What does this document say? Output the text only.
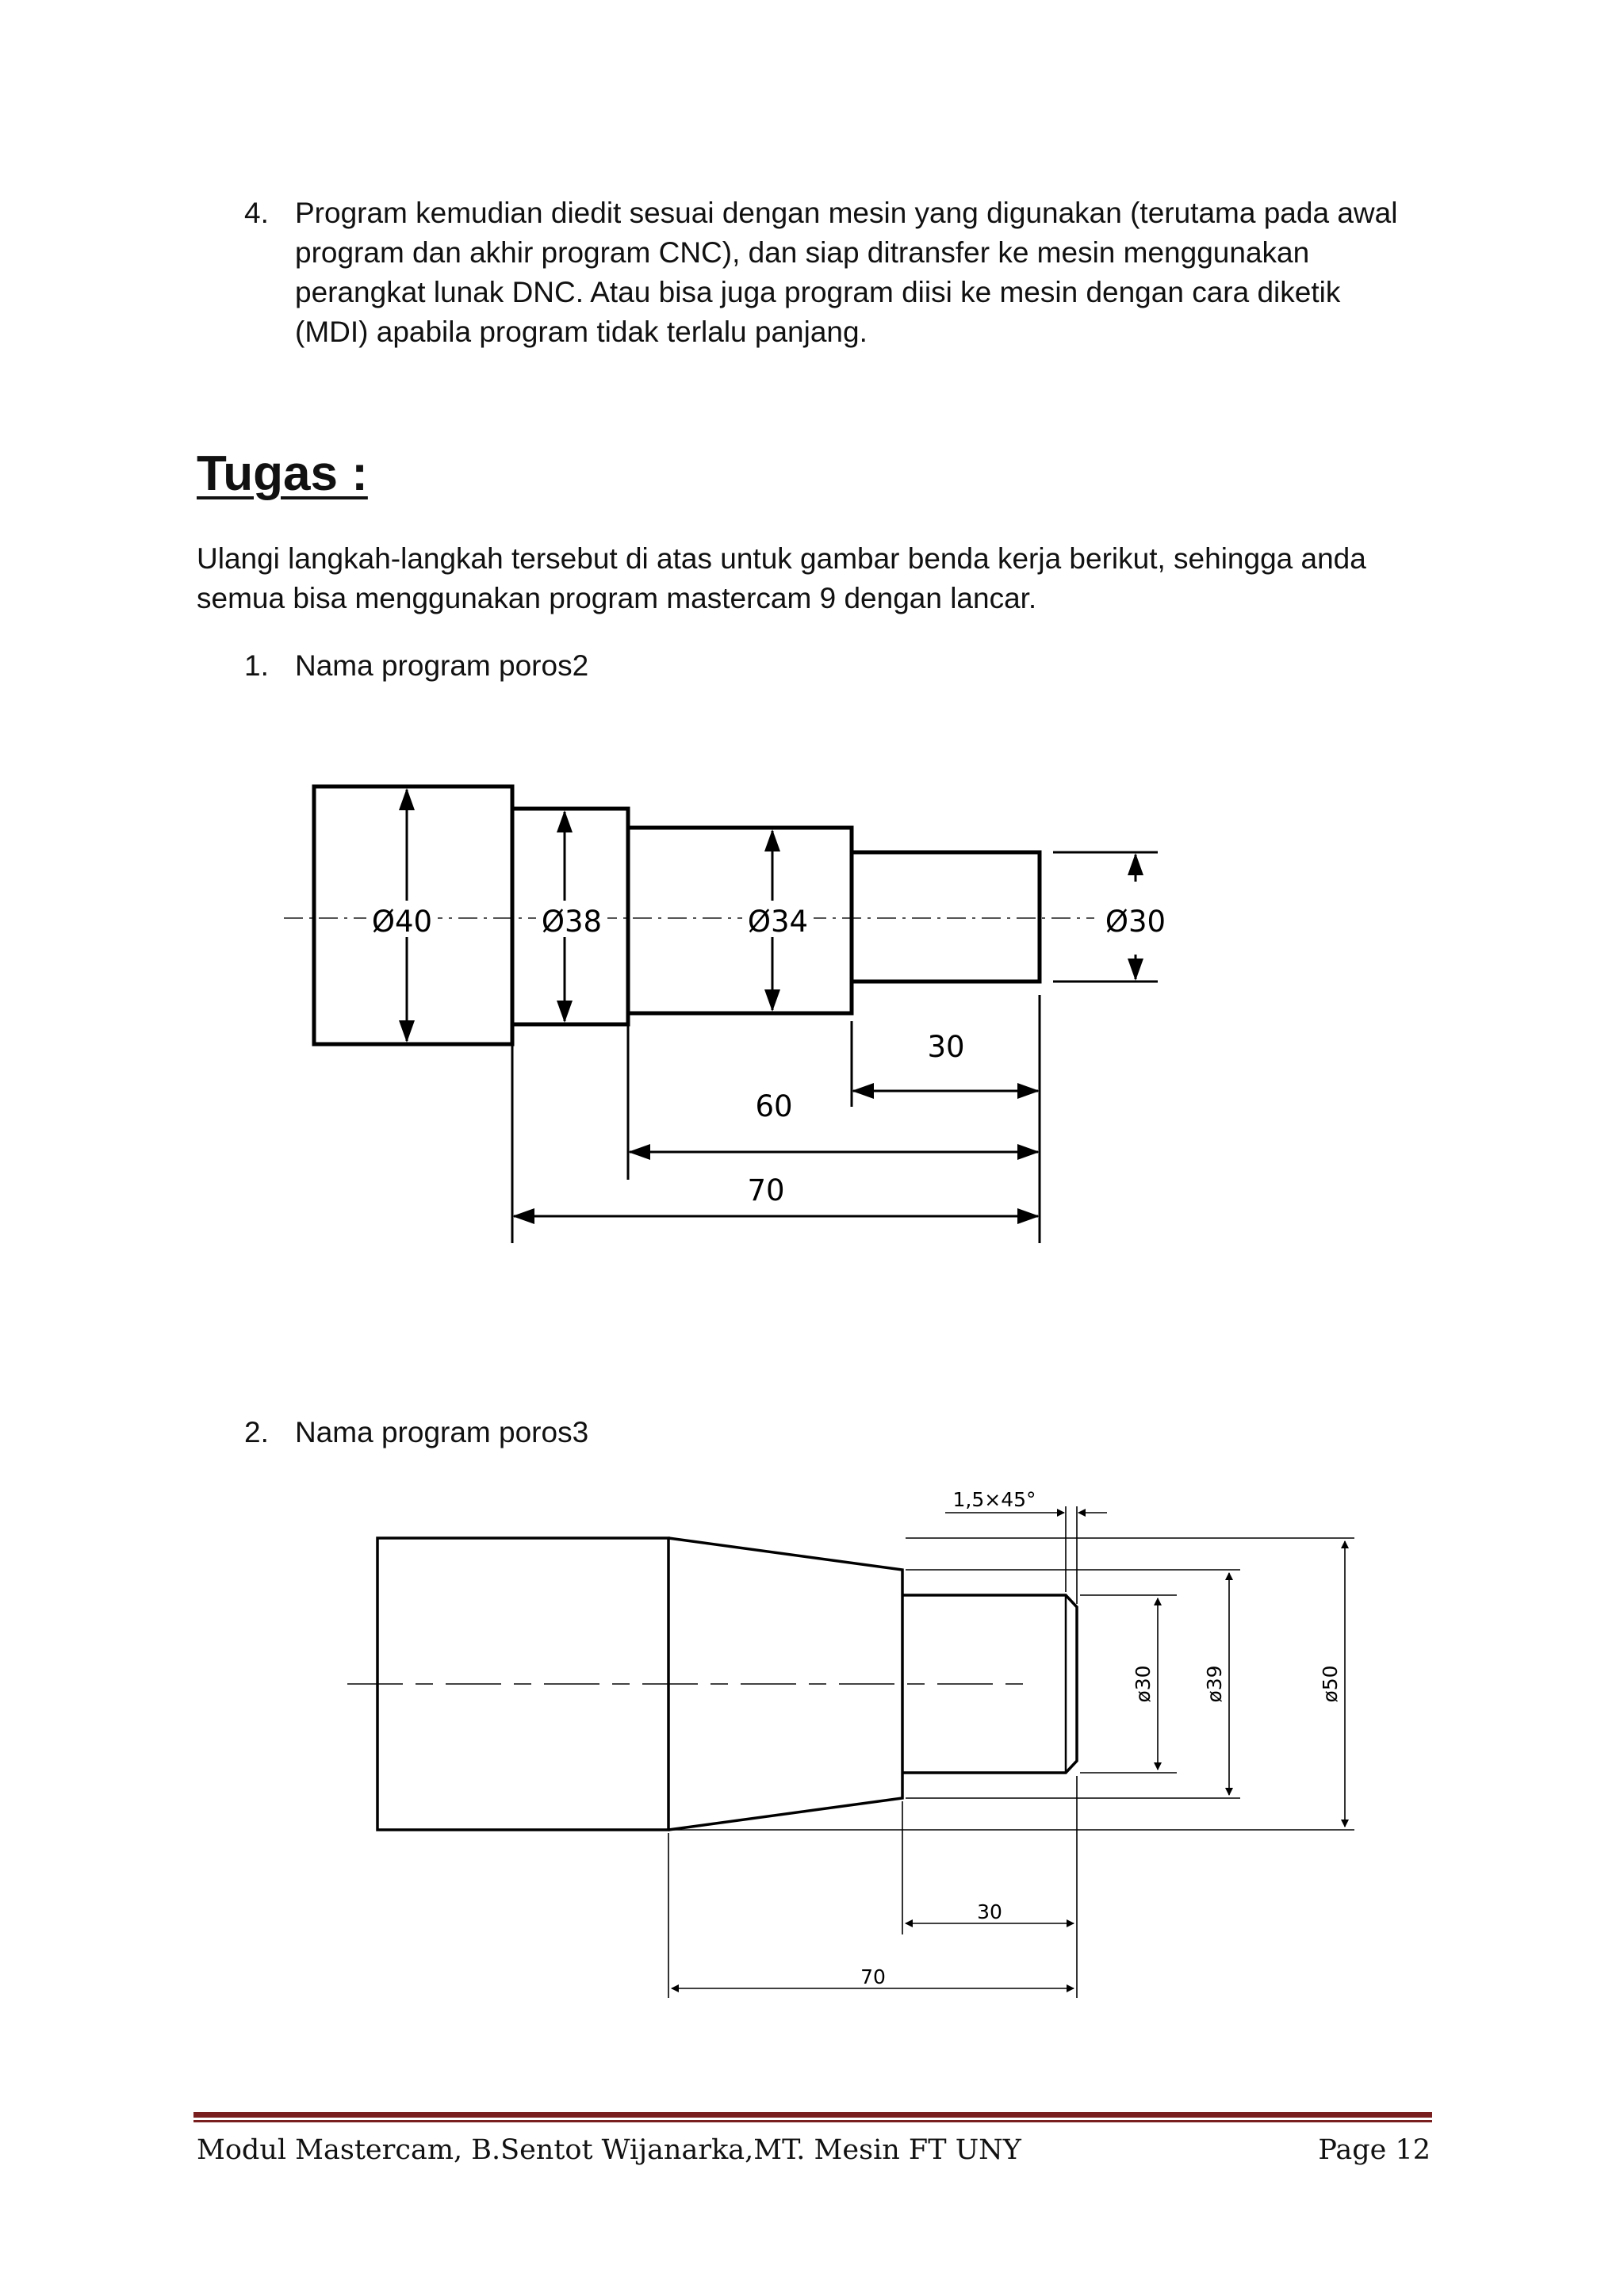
4. Program kemudian diedit sesuai dengan mesin yang digunakan (terutama pada awal
program dan akhir program CNC), dan siap ditransfer ke mesin menggunakan
perangkat lunak DNC. Atau bisa juga program diisi ke mesin dengan cara diketik
(MDI) apabila program tidak terlalu panjang.
Tugas :
Ulangi langkah-langkah tersebut di atas untuk gambar benda kerja berikut, sehingga anda
semua bisa menggunakan program mastercam 9 dengan lancar.
1. Nama program poros2
Ø40	Ø38	Ø34	Ø30
30
60
70
2. Nama program poros3
1,5×45°
ø30 ø39	ø50
30
70
Modul Mastercam, B.Sentot Wijanarka,MT. Mesin FT UNY	Page 12
